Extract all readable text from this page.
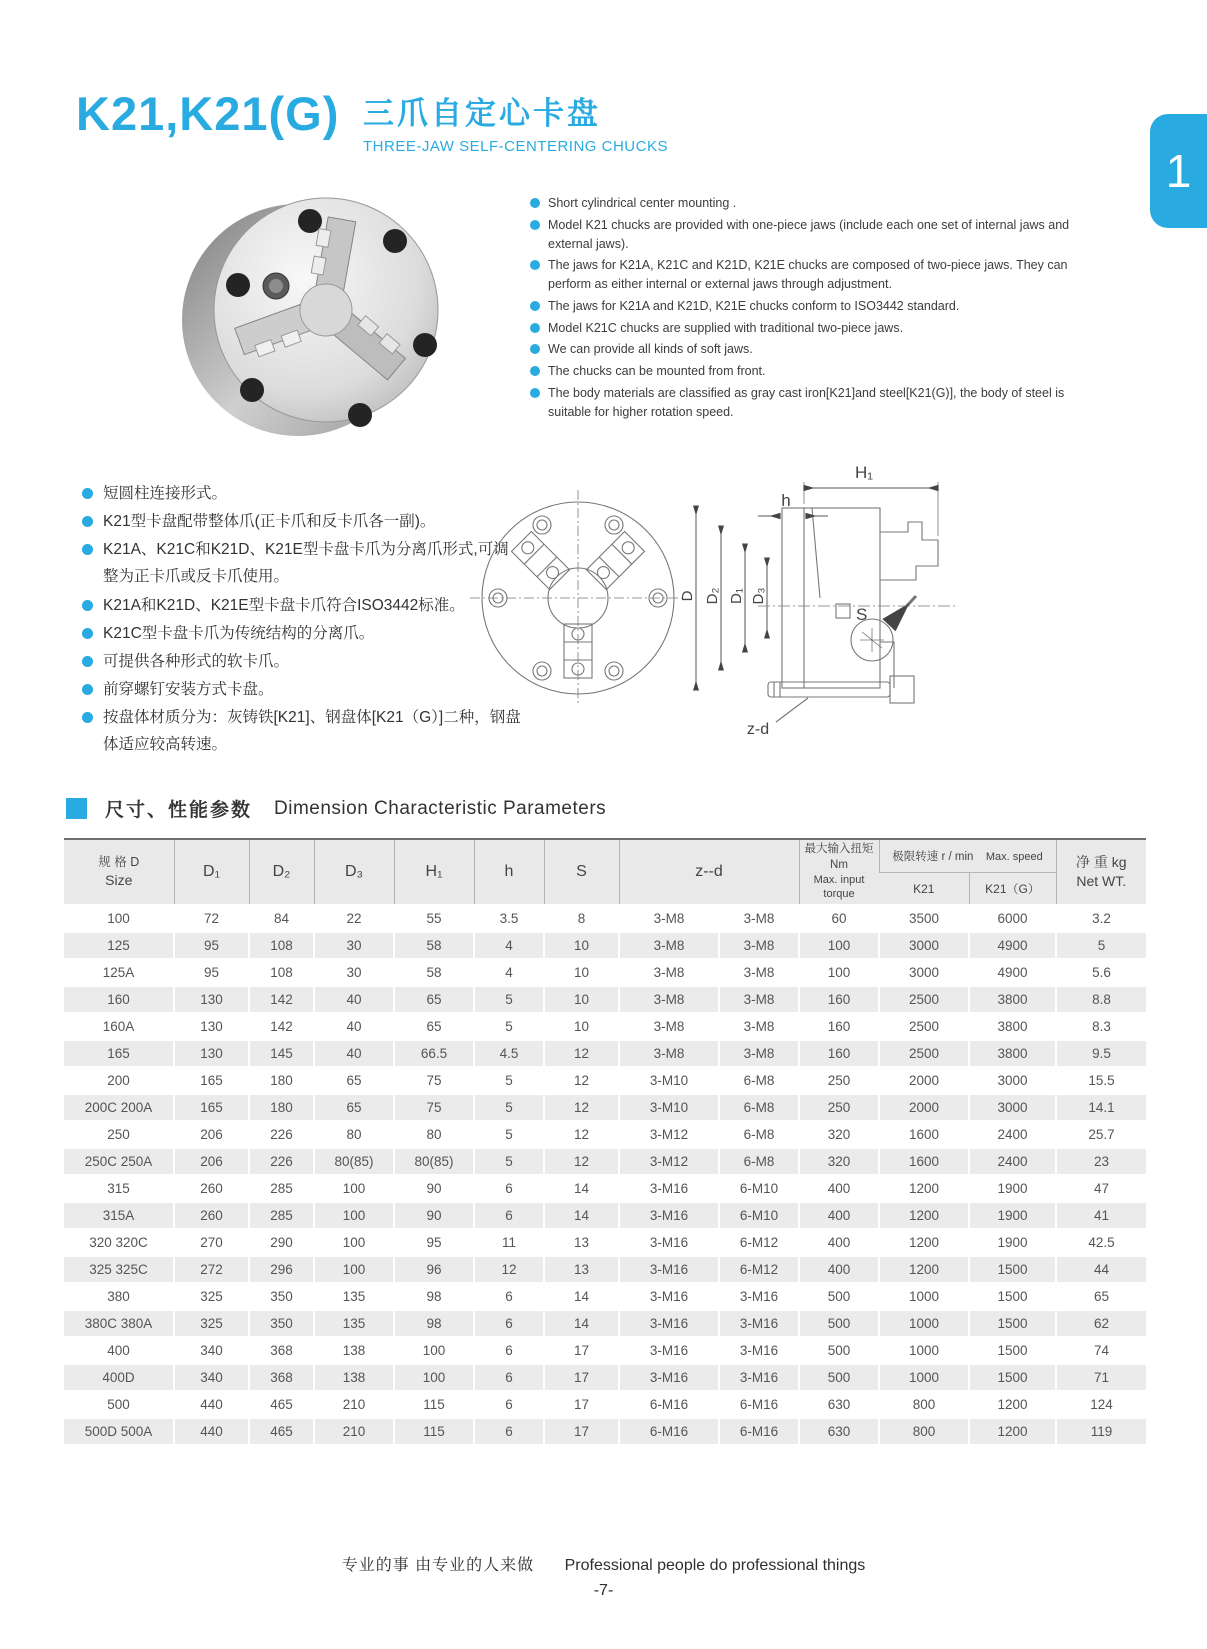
K21,K21(G) 三爪自定心卡盘
THREE-JAW SELF-CENTERING CHUCKS	1
Short cylindrical center mounting .
Model K21 chucks are provided with one-piece jaws (include each one set of internal jaws and external jaws).
The jaws for K21A, K21C and K21D, K21E chucks are composed of two-piece jaws. They can perform as either internal or external jaws through adjustment.
The jaws for K21A and K21D, K21E chucks conform to ISO3442 standard.
Model K21C chucks are supplied with traditional two-piece jaws.
We can provide all kinds of soft jaws.
The chucks can be mounted from front.
The body materials are classified as gray cast iron[K21]and steel[K21(G)], the body of steel is suitable for higher rotation speed.
短圆柱连接形式。
K21型卡盘配带整体爪(正卡爪和反卡爪各一副)。
K21A、K21C和K21D、K21E型卡盘卡爪为分离爪形式,可调整为正卡爪或反卡爪使用。
K21A和K21D、K21E型卡盘卡爪符合ISO3442标准。
K21C型卡盘卡爪为传统结构的分离爪。
可提供各种形式的软卡爪。
前穿螺钉安装方式卡盘。
按盘体材质分为：灰铸铁[K21]、钢盘体[K21（G）]二种，钢盘体适应较高转速。
H₁
h
D D₂ D₁ D₃
S
z-d
尺寸、性能参数 Dimension Characteristic Parameters
规 格 D
Size	D₁	D₂	D₃	H₁	h	S	z--d		最大输入扭矩 Nm
Max. input torque	极限转速 r / min Max. speed		净 重 kg
Net WT.

										K21	K21（G）	
100	72	84	22	55	3.5	8	3-M8	3-M8	60	3500	6000	3.2
125	95	108	30	58	4	10	3-M8	3-M8	100	3000	4900	5
125A	95	108	30	58	4	10	3-M8	3-M8	100	3000	4900	5.6
160	130	142	40	65	5	10	3-M8	3-M8	160	2500	3800	8.8
160A	130	142	40	65	5	10	3-M8	3-M8	160	2500	3800	8.3
165	130	145	40	66.5	4.5	12	3-M8	3-M8	160	2500	3800	9.5
200	165	180	65	75	5	12	3-M10	6-M8	250	2000	3000	15.5
200C 200A	165	180	65	75	5	12	3-M10	6-M8	250	2000	3000	14.1
250	206	226	80	80	5	12	3-M12	6-M8	320	1600	2400	25.7
250C 250A	206	226	80(85)	80(85)	5	12	3-M12	6-M8	320	1600	2400	23
315	260	285	100	90	6	14	3-M16	6-M10	400	1200	1900	47
315A	260	285	100	90	6	14	3-M16	6-M10	400	1200	1900	41
320 320C	270	290	100	95	11	13	3-M16	6-M12	400	1200	1900	42.5
325 325C	272	296	100	96	12	13	3-M16	6-M12	400	1200	1500	44
380	325	350	135	98	6	14	3-M16	3-M16	500	1000	1500	65
380C 380A	325	350	135	98	6	14	3-M16	3-M16	500	1000	1500	62
400	340	368	138	100	6	17	3-M16	3-M16	500	1000	1500	74
400D	340	368	138	100	6	17	3-M16	3-M16	500	1000	1500	71
500	440	465	210	115	6	17	6-M16	6-M16	630	800	1200	124
500D 500A	440	465	210	115	6	17	6-M16	6-M16	630	800	1200	119
专业的事 由专业的人来做 Professional people do professional things
-7-
